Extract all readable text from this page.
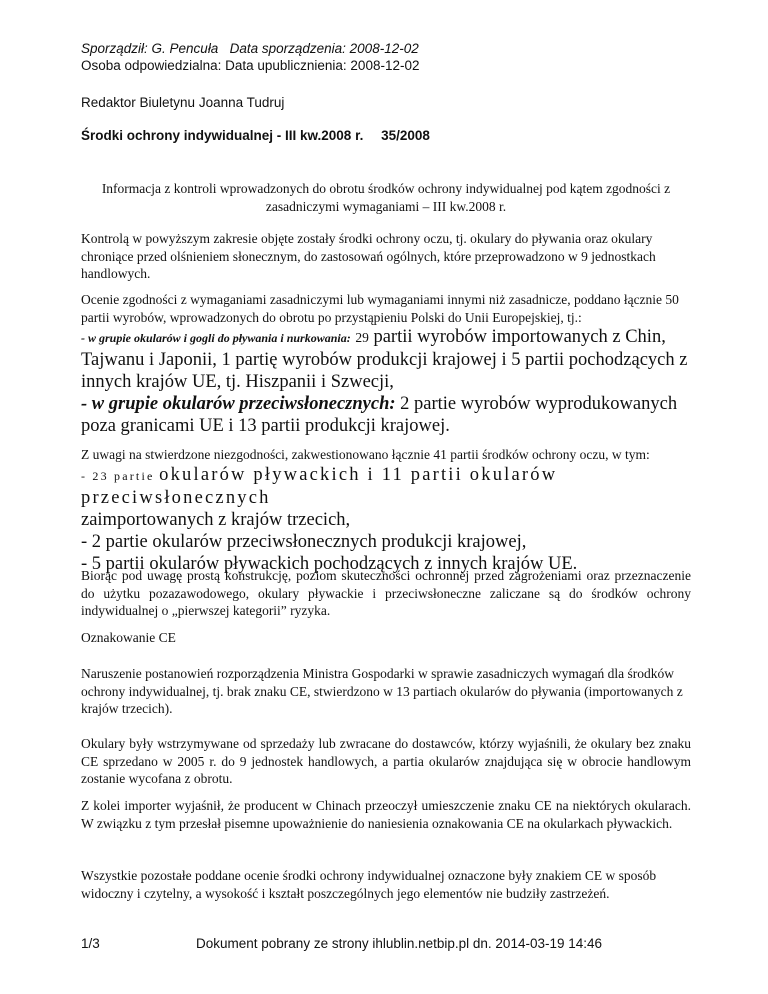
Sporządził: G. Pencuła Data sporządzenia: 2008-12-02
Osoba odpowiedzialna: Data upublicznienia: 2008-12-02
Redaktor Biuletynu Joanna Tudruj
Środki ochrony indywidualnej - III kw.2008 r. 35/2008
Informacja z kontroli wprowadzonych do obrotu środków ochrony indywidualnej pod kątem zgodności z
zasadniczymi wymaganiami – III kw.2008 r.

Kontrolą w powyższym zakresie objęte zostały środki ochrony oczu, tj. okulary do pływania oraz okulary chroniące przed olśnieniem słonecznym, do zastosowań ogólnych, które przeprowadzono w 9 jednostkach handlowych.

Ocenie zgodności z wymaganiami zasadniczymi lub wymaganiami innymi niż zasadnicze, poddano łącznie 50 partii wyrobów, wprowadzonych do obrotu po przystąpieniu Polski do Unii Europejskiej, tj.:

- w grupie okularów i gogli do pływania i nurkowania: 29 partii wyrobów importowanych z Chin, Tajwanu i Japonii, 1 partię wyrobów produkcji krajowej i 5 partii pochodzących z innych krajów UE, tj. Hiszpanii i Szwecji,

- w grupie okularów przeciwsłonecznych: 2 partie wyrobów wyprodukowanych poza granicami UE i 13 partii produkcji krajowej.

Z uwagi na stwierdzone niezgodności, zakwestionowano łącznie 41 partii środków ochrony oczu, w tym:

- 23 partie okularów pływackich i 11 partii okularów przeciwsłonecznych

zaimportowanych z krajów trzecich,

- 2 partie okularów przeciwsłonecznych produkcji krajowej,

- 5 partii okularów pływackich pochodzących z innych krajów UE.

Biorąc pod uwagę prostą konstrukcję, poziom skuteczności ochronnej przed zagrożeniami oraz przeznaczenie do użytku pozazawodowego, okulary pływackie i przeciwsłoneczne zaliczane są do środków ochrony indywidualnej o „pierwszej kategorii” ryzyka.

Oznakowanie CE

Naruszenie postanowień rozporządzenia Ministra Gospodarki w sprawie zasadniczych wymagań dla środków ochrony indywidualnej, tj. brak znaku CE, stwierdzono w 13 partiach okularów do pływania (importowanych z krajów trzecich).

Okulary były wstrzymywane od sprzedaży lub zwracane do dostawców, którzy wyjaśnili, że okulary bez znaku CE sprzedano w 2005 r. do 9 jednostek handlowych, a partia okularów znajdująca się w obrocie handlowym zostanie wycofana z obrotu.

Z kolei importer wyjaśnił, że producent w Chinach przeoczył umieszczenie znaku CE na niektórych okularach. W związku z tym przesłał pisemne upoważnienie do naniesienia oznakowania CE na okularkach pływackich.

Wszystkie pozostałe poddane ocenie środki ochrony indywidualnej oznaczone były znakiem CE w sposób widoczny i czytelny, a wysokość i kształt poszczególnych jego elementów nie budziły zastrzeżeń.

1/3	Dokument pobrany ze strony ihlublin.netbip.pl dn. 2014-03-19 14:46
